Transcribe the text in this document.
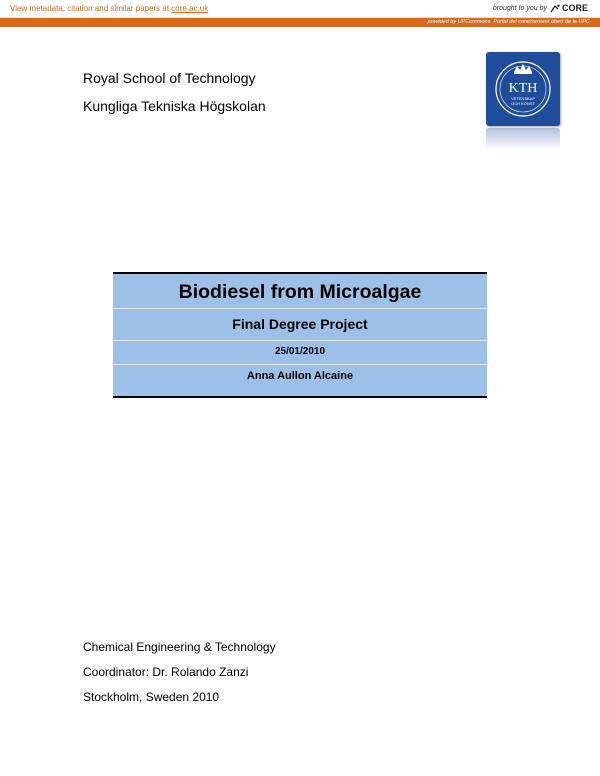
View metadata, citation and similar papers at core.ac.uk	brought to you by CORE
provided by UPCommons. Portal del coneixement obert de la UPC
Royal School of Technology
Kungliga Tekniska Högskolan
KTH
VETENSKAP
OCH KONST
Biodiesel from Microalgae
Final Degree Project
25/01/2010
Anna Aullon Alcaine
Chemical Engineering & Technology
Coordinator: Dr. Rolando Zanzi
Stockholm, Sweden 2010
